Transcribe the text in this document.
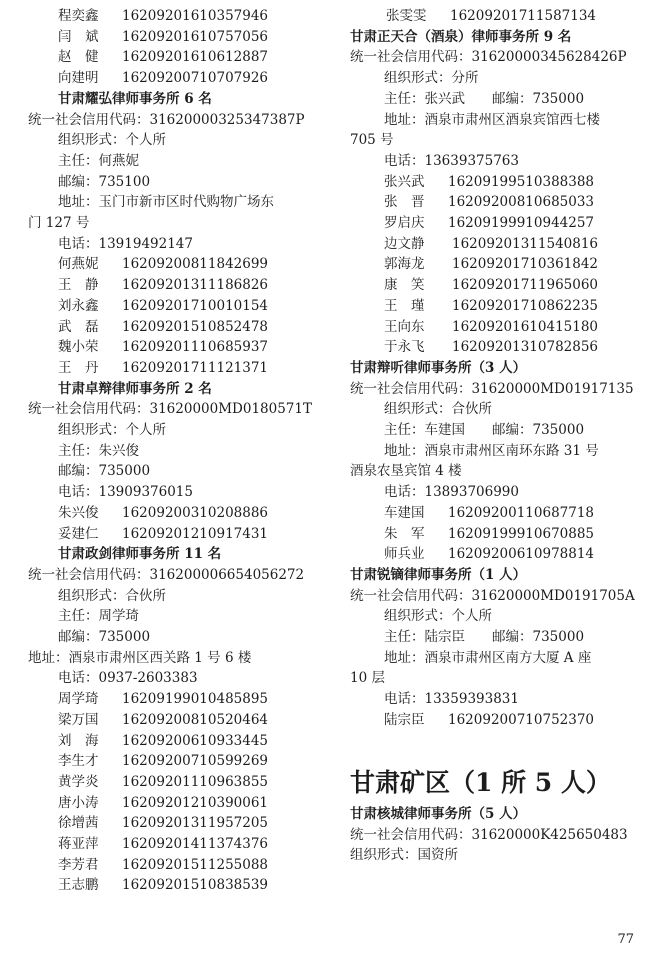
程奕鑫 16209201610357946
闫　斌 16209201610757056
赵　健 16209201610612887
向建明 16209200710707926
甘肃耀弘律师事务所 6 名
统一社会信用代码：31620000325347387P
组织形式：个人所
主任：何燕妮
邮编：735100
地址：玉门市新市区时代购物广场东
门 127 号
电话：13919492147
何燕妮 16209200811842699
王　静 16209201311186826
刘永鑫 16209201710010154
武　磊 16209201510852478
魏小荣 16209201110685937
王　丹 16209201711121371
甘肃卓辩律师事务所 2 名
统一社会信用代码：31620000MD0180571T
组织形式：个人所
主任：朱兴俊
邮编：735000
电话：13909376015
朱兴俊 16209200310208886
妥建仁 16209201210917431
甘肃政剑律师事务所 11 名
统一社会信用代码：316200006654056272
组织形式：合伙所
主任：周学琦
邮编：735000
地址：酒泉市肃州区西关路 1 号 6 楼
电话：0937-2603383
周学琦 16209199010485895
梁万国 16209200810520464
刘　海 16209200610933445
李生才 16209200710599269
黄学炎 16209201110963855
唐小涛 16209201210390061
徐增茜 16209201311957205
蒋亚萍 16209201411374376
李芳君 16209201511255088
王志鹏 16209201510838539
张雯雯 16209201711587134
甘肃正天合（酒泉）律师事务所 9 名
统一社会信用代码：31620000345628426P
组织形式：分所
主任：张兴武　　邮编：735000
地址：酒泉市肃州区酒泉宾馆西七楼
705 号
电话：13639375763
张兴武 16209199510388388
张　晋 16209200810685033
罗启庆 16209199910944257
边文静 16209201311540816
郭海龙 16209201710361842
康　笑 16209201711965060
王　瑾 16209201710862235
王向东 16209201610415180
于永飞 16209201310782856
甘肃辩听律师事务所（3 人）
统一社会信用代码：31620000MD01917135
组织形式：合伙所
主任：车建国　　邮编：735000
地址：酒泉市肃州区南环东路 31 号
酒泉农垦宾馆 4 楼
电话：13893706990
车建国 16209200110687718
朱　军 16209199910670885
师兵业 16209200610978814
甘肃锐镝律师事务所（1 人）
统一社会信用代码：31620000MD0191705A
组织形式：个人所
主任：陆宗臣　　邮编：735000
地址：酒泉市肃州区南方大厦 A 座
10 层
电话：13359393831
陆宗臣 16209200710752370
甘肃矿区（1 所 5 人）
甘肃核城律师事务所（5 人）
统一社会信用代码：31620000K425650483
组织形式：国资所
77
